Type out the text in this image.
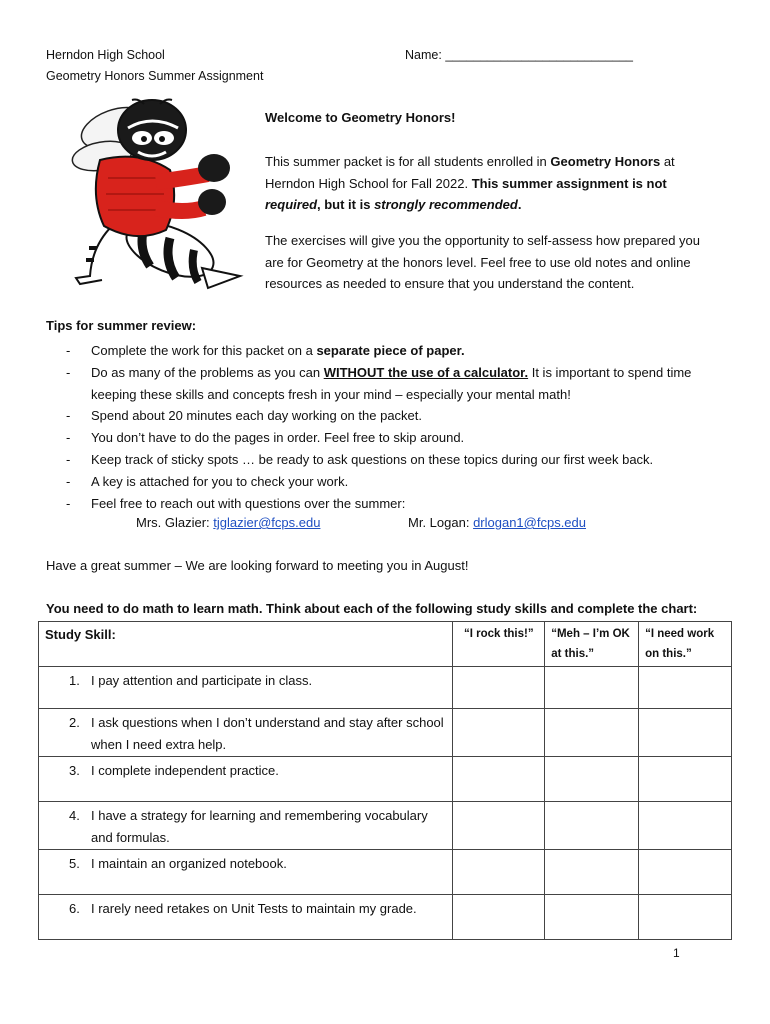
Herndon High School
Geometry Honors Summer Assignment
Name: ___________________________
Welcome to Geometry Honors!
This summer packet is for all students enrolled in Geometry Honors at Herndon High School for Fall 2022. This summer assignment is not required, but it is strongly recommended.
The exercises will give you the opportunity to self-assess how prepared you are for Geometry at the honors level. Feel free to use old notes and online resources as needed to ensure that you understand the content.
Tips for summer review:
- Complete the work for this packet on a separate piece of paper.
- Do as many of the problems as you can WITHOUT the use of a calculator. It is important to spend time keeping these skills and concepts fresh in your mind – especially your mental math!
- Spend about 20 minutes each day working on the packet.
- You don’t have to do the pages in order. Feel free to skip around.
- Keep track of sticky spots … be ready to ask questions on these topics during our first week back.
- A key is attached for you to check your work.
- Feel free to reach out with questions over the summer:
Mrs. Glazier: tjglazier@fcps.edu	Mr. Logan: drlogan1@fcps.edu
Have a great summer – We are looking forward to meeting you in August!
You need to do math to learn math. Think about each of the following study skills and complete the chart:
Study Skill:	“I rock this!”	“Meh – I’m OK at this.”	“I need work on this.”

1. I pay attention and participate in class.			

2. I ask questions when I don’t understand and stay after school when I need extra help.			

3. I complete independent practice.			

4. I have a strategy for learning and remembering vocabulary and formulas.			

5. I maintain an organized notebook.			

6. I rarely need retakes on Unit Tests to maintain my grade.			

1
